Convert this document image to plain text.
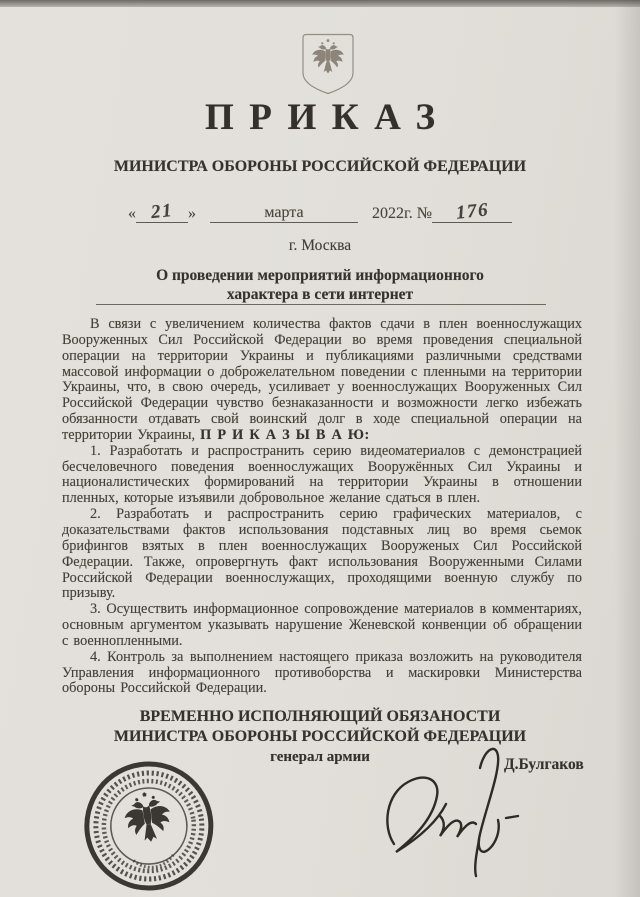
ПРИКАЗ
МИНИСТРА ОБОРОНЫ РОССИЙСКОЙ ФЕДЕРАЦИИ
« 21 »	марта	2022г. № 176
г. Москва
О проведении мероприятий информационного
характера в сети интернет

В связи с увеличением количества фактов сдачи в плен военнослужащих Вооруженных Сил Российской Федерации во время проведения специальной операции на территории Украины и публикациями различными средствами массовой информации о доброжелательном поведении с пленными на территории Украины, что, в свою очередь, усиливает у военнослужащих Вооруженных Сил Российской Федерации чувство безнаказанности и возможности легко избежать обязанности отдавать свой воинский долг в ходе специальной операции на территории Украины, П Р И К А З Ы В А Ю:

1. Разработать и распространить серию видеоматериалов с демонстрацией бесчеловечного поведения военнослужащих Вооружённых Сил Украины и националистических формирований на территории Украины в отношении пленных, которые изъявили добровольное желание сдаться в плен.

2. Разработать и распространить серию графических материалов, с доказательствами фактов использования подставных лиц во время сьемок брифингов взятых в плен военнослужащих Вооруженых Сил Российской Федерации. Также, опровергнуть факт использования Вооруженными Силами Российской Федерации военнослужащих, проходящими военную службу по призыву.

3. Осуществить информационное сопровождение материалов в комментариях, основным аргументом указывать нарушение Женевской конвенции об обращении с военнопленными.

4. Контроль за выполнением настоящего приказа возложить на руководителя Управления информационного противоборства и маскировки Министерства обороны Российской Федерации.

ВРЕМЕННО ИСПОЛНЯЮЩИЙ ОБЯЗАНОСТИ
МИНИСТРА ОБОРОНЫ РОССИЙСКОЙ ФЕДЕРАЦИИ
генерал армии	Д.Булгаков
